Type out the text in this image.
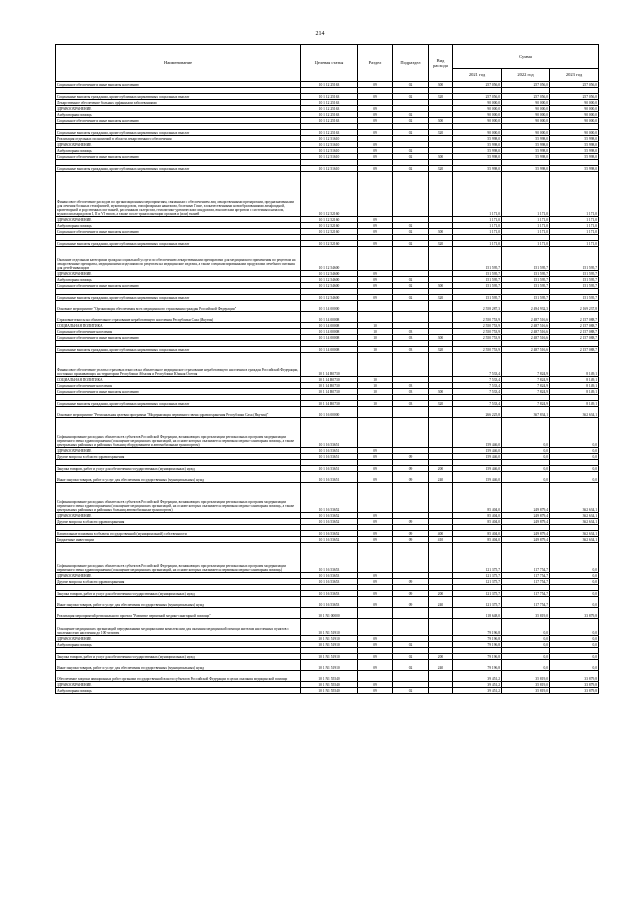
214
Наименование	Целевая статья	Раздел	Подраздел	Вид расхода	Сумма		
					2021 год	2022 год	2023 год
Социальное обеспечение и иные выплаты населению	10 1 12 25163	09	02	300	257 056,0	257 056,0	257 056,0

Социальные выплаты гражданам, кроме публичных нормативных социальных выплат	10 1 12 25163	09	02	320	257 056,0	257 056,0	257 056,0
Лекарственное обеспечение больных орфанными заболеваниями	10 1 12 25163				90 000,0	90 000,0	90 000,0
ЗДРАВООХРАНЕНИЕ	10 1 12 25163	09			90 000,0	90 000,0	90 000,0
Амбулаторная помощь	10 1 12 25163	09	02		90 000,0	90 000,0	90 000,0
Социальное обеспечение и иные выплаты населению	10 1 12 25163	09	02	300	90 000,0	90 000,0	90 000,0

Социальные выплаты гражданам, кроме публичных нормативных социальных выплат	10 1 12 25163	09	02	320	90 000,0	90 000,0	90 000,0
Реализация отдельных полномочий в области лекарственного обеспечения	10 1 12 51610				55 998,0	55 998,0	55 998,0
ЗДРАВООХРАНЕНИЕ	10 1 12 51610	09			55 998,0	55 998,0	55 998,0
Амбулаторная помощь	10 1 12 51610	09	02		55 998,0	55 998,0	55 998,0
Социальное обеспечение и иные выплаты населению	10 1 12 51610	09	02	300	55 998,0	55 998,0	55 998,0

Социальные выплаты гражданам, кроме публичных нормативных социальных выплат	10 1 12 51610	09	02	320	55 998,0	55 998,0	55 998,0
Финансовое обеспечение расходов по организационным мероприятиям, связанным с обеспечением лиц лекарственными препаратами, предназначенными для лечения больных гемофилией, муковисцидозом, гипофизарным нанизмом, болезнью Гоше, злокачественными новообразованиями лимфоидной, кроветворной и родственных им тканей, рассеянным склерозом, гемолитико-уремическим синдромом, юношеским артритом с системным началом, мукополисахаридозом I, II и VI типов, а также после трансплантации органов и (или) тканей	10 1 12 52160				1 171,0	1 171,0	1 171,0
ЗДРАВООХРАНЕНИЕ	10 1 12 52160	09			1 171,0	1 171,0	1 171,0
Амбулаторная помощь	10 1 12 52160	09	02		1 171,0	1 171,0	1 171,0
Социальное обеспечение и иные выплаты населению	10 1 12 52160	09	02	300	1 171,0	1 171,0	1 171,0

Социальные выплаты гражданам, кроме публичных нормативных социальных выплат	10 1 12 52160	09	02	320	1 171,0	1 171,0	1 171,0
Оказание отдельным категориям граждан социальной услуги по обеспечению лекарственными препаратами для медицинского применения по рецептам на лекарственные препараты, медицинскими изделиями по рецептам на медицинские изделия, а также специализированными продуктами лечебного питания для детей-инвалидов	10 1 12 54600				151 595,7	151 595,7	151 595,7
ЗДРАВООХРАНЕНИЕ	10 1 12 54600	09			151 595,7	151 595,7	151 595,7
Амбулаторная помощь	10 1 12 54600	09	02		151 595,7	151 595,7	151 595,7
Социальное обеспечение и иные выплаты населению	10 1 12 54600	09	02	300	151 595,7	151 595,7	151 595,7

Социальные выплаты гражданам, кроме публичных нормативных социальных выплат	10 1 12 54600	09	02	320	151 595,7	151 595,7	151 595,7
Основное мероприятие "Организация обеспечения всех медицинского страхования граждан Российской Федерации"	10 1 14 00000				2 558 287,3	2 494 932,3	2 169 237,8
Страховые взносы на обязательное страхование неработающего населения Республики Саха (Якутия)	10 1 14 00008				2 550 753,9	2 487 516,6	2 157 088,7
СОЦИАЛЬНАЯ ПОЛИТИКА	10 1 14 00008	10			2 550 753,9	2 487 516,6	2 157 088,7
Социальное обеспечение населения	10 1 14 00008	10	03		2 550 753,9	2 487 516,6	2 157 088,7
Социальное обеспечение и иные выплаты населению	10 1 14 00008	10	03	300	2 550 753,9	2 487 516,6	2 157 088,7

Социальные выплаты гражданам, кроме публичных нормативных социальных выплат	10 1 14 00008	10	03	320	2 550 753,9	2 487 516,6	2 157 088,7
Финансовое обеспечение уплаты страховых взносов на обязательное медицинское страхование неработающего населения в граждан Российской Федерации, постоянно проживающих на территории Республики Абхазия и Республики Южная Осетия	10 1 14 R0730				7 533,4	7 824,9	8 149,1
СОЦИАЛЬНАЯ ПОЛИТИКА	10 1 14 R0730	10			7 533,4	7 824,9	8 149,1
Социальное обеспечение населения	10 1 14 R0730	10	03		7 533,4	7 824,9	8 149,1
Социальное обеспечение и иные выплаты населению	10 1 14 R0730	10	03	300	7 533,4	7 824,9	8 149,1

Социальные выплаты гражданам, кроме публичных нормативных социальных выплат	10 1 14 R0730	10	03	320	7 533,4	7 824,9	8 149,1
Основное мероприятие "Региональная целевая программа "Модернизация первичного звена здравоохранения Республики Саха (Якутия)"	10 1 16 00000				266 225,8	367 834,1	362 634,1
Софинансирование расходных обязательств субъектов Российской Федерации, возникающих при реализации региональных программ модернизации первичного звена здравоохранения (оснащение медицинских организаций, на основе которых оказывается первичная медико-санитарная помощь, а также центральных районных и районных больниц оборудованием и автомобильным транспортом)	10 1 16 53651				159 446,0	0,0	0,0
ЗДРАВООХРАНЕНИЕ	10 1 16 53651	09			159 446,0	0,0	0,0
Другие вопросы в области здравоохранения	10 1 16 53651	09	09		159 446,0	0,0	0,0

Закупка товаров, работ и услуг для обеспечения государственных (муниципальных) нужд	10 1 16 53651	09	09	200	159 446,0	0,0	0,0
Иные закупки товаров, работ и услуг для обеспечения государственных (муниципальных) нужд	10 1 16 53651	09	09	240	159 446,0	0,0	0,0
Софинансирование расходных обязательств субъектов Российской Федерации, возникающих при реализации региональных программ модернизации первичного звена здравоохранения (оснащение медицинских организаций, на основе которых оказывается первичная медико-санитарная помощь, а также центральных районных и районных больниц автомобильным транспортом)	10 1 16 53652				85 404,0	249 879,4	362 634,1
ЗДРАВООХРАНЕНИЕ	10 1 16 53652	09			85 404,0	249 879,4	362 634,1
Другие вопросы в области здравоохранения	10 1 16 53652	09	09		85 404,0	249 879,4	362 634,1

Капитальные вложения в объекты государственной (муниципальной) собственности	10 1 16 53652	09	09	400	85 404,0	249 879,4	362 634,1
Бюджетные инвестиции	10 1 16 53652	09	09	410	85 404,0	249 879,4	362 634,1
Софинансирование расходных обязательств субъектов Российской Федерации, возникающих при реализации региональных программ модернизации первичного звена здравоохранения (оснащение медицинских организаций, на основе которых оказывается первичная медико-санитарная помощь)	10 1 16 53653				121 375,7	117 754,7	0,0
ЗДРАВООХРАНЕНИЕ	10 1 16 53653	09			121 375,7	117 754,7	0,0
Другие вопросы в области здравоохранения	10 1 16 53653	09	09		121 375,7	117 754,7	0,0

Закупка товаров, работ и услуг для обеспечения государственных (муниципальных) нужд	10 1 16 53653	09	09	200	121 375,7	117 754,7	0,0
Иные закупки товаров, работ и услуг для обеспечения государственных (муниципальных) нужд	10 1 16 53653	09	09	240	121 375,7	117 754,7	0,0
Реализация мероприятий регионального проекта "Развитие первичной медико-санитарной помощи"	10 1 N1 00000				118 648,0	35 819,0	33 879,8
Оснащение медицинских организаций передвижными медицинскими комплексами для оказания медицинской помощи жителям населенных пунктов с численностью населения до 100 человек	10 1 N1 51910				79 196,8	0,0	0,0
ЗДРАВООХРАНЕНИЕ	10 1 N1 51910	09			79 196,8	0,0	0,0
Амбулаторная помощь	10 1 N1 51910	09	02		79 196,8	0,0	0,0

Закупка товаров, работ и услуг для обеспечения государственных (муниципальных) нужд	10 1 N1 51910	09	02	200	79 196,8	0,0	0,0
Иные закупки товаров, работ и услуг для обеспечения государственных (муниципальных) нужд	10 1 N1 51910	09	02	240	79 196,8	0,0	0,0
Обеспечение закупки авиационных работ органами государственной власти субъектов Российской Федерации в целях оказания медицинской помощи	10 1 N1 55540				39 451,2	35 819,0	33 879,8
ЗДРАВООХРАНЕНИЕ	10 1 N1 55540	09			39 451,2	35 819,0	33 879,8
Амбулаторная помощь	10 1 N1 55540	09	02		39 451,2	35 819,0	33 879,8
